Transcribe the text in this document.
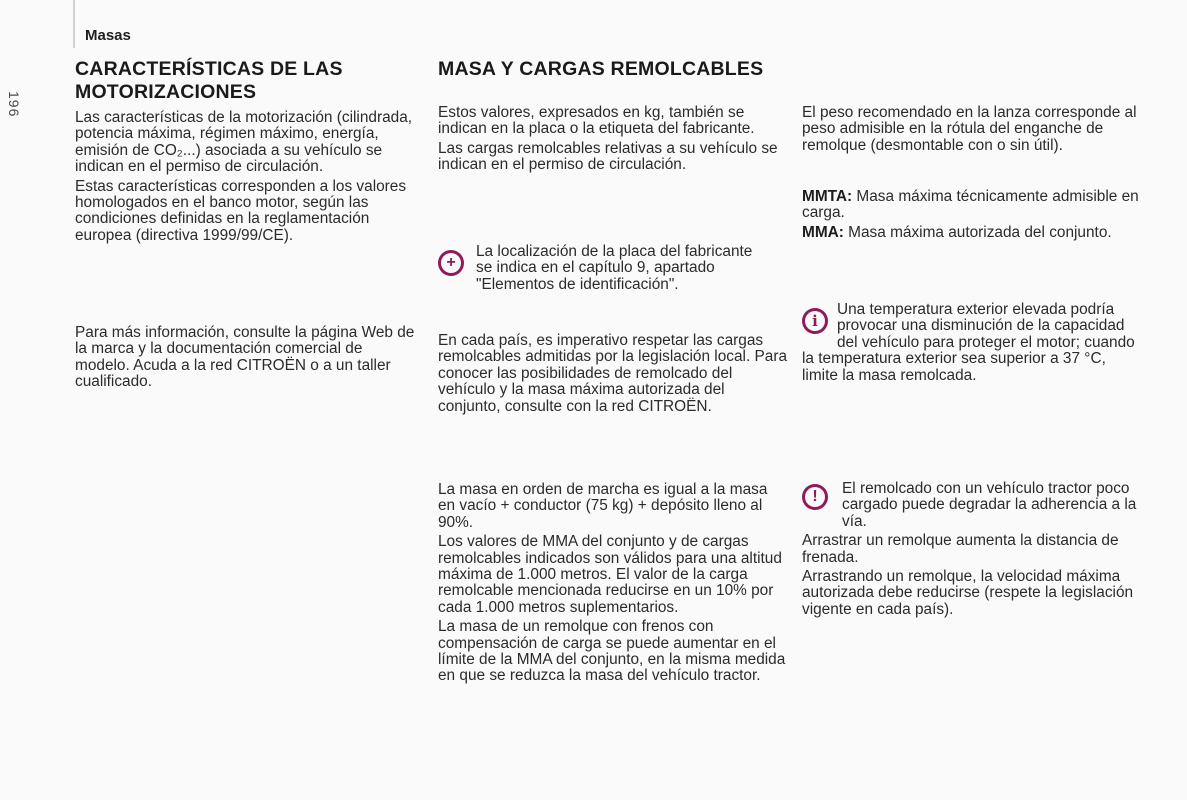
Masas
196
CARACTERÍSTICAS DE LAS MOTORIZACIONES

Las características de la motorización (cilindrada, potencia máxima, régimen máximo, energía, emisión de CO₂...) asociada a su vehículo se indican en el permiso de circulación.

Estas características corresponden a los valores homologados en el banco motor, según las condiciones definidas en la reglamentación europea (directiva 1999/99/CE).

Para más información, consulte la página Web de la marca y la documentación comercial de modelo. Acuda a la red CITROËN o a un taller cualificado.

MASA Y CARGAS REMOLCABLES

Estos valores, expresados en kg, también se indican en la placa o la etiqueta del fabricante.

Las cargas remolcables relativas a su vehículo se indican en el permiso de circulación.

+
La localización de la placa del fabricante se indica en el capítulo 9, apartado "Elementos de identificación".

En cada país, es imperativo respetar las cargas remolcables admitidas por la legislación local. Para conocer las posibilidades de remolcado del vehículo y la masa máxima autorizada del conjunto, consulte con la red CITROËN.

La masa en orden de marcha es igual a la masa en vacío + conductor (75 kg) + depósito lleno al 90%.

Los valores de MMA del conjunto y de cargas remolcables indicados son válidos para una altitud máxima de 1.000 metros. El valor de la carga remolcable mencionada reducirse en un 10% por cada 1.000 metros suplementarios.

La masa de un remolque con frenos con compensación de carga se puede aumentar en el límite de la MMA del conjunto, en la misma medida en que se reduzca la masa del vehículo tractor.

El peso recomendado en la lanza corresponde al peso admisible en la rótula del enganche de remolque (desmontable con o sin útil).

MMTA: Masa máxima técnicamente admisible en carga.

MMA: Masa máxima autorizada del conjunto.

i
Una temperatura exterior elevada podría provocar una disminución de la capacidad del vehículo para proteger el motor; cuando la temperatura exterior sea superior a 37 °C, limite la masa remolcada.
!	El remolcado con un vehículo tractor poco cargado puede degradar la adherencia a la vía.

Arrastrar un remolque aumenta la distancia de frenada.

Arrastrando un remolque, la velocidad máxima autorizada debe reducirse (respete la legislación vigente en cada país).
